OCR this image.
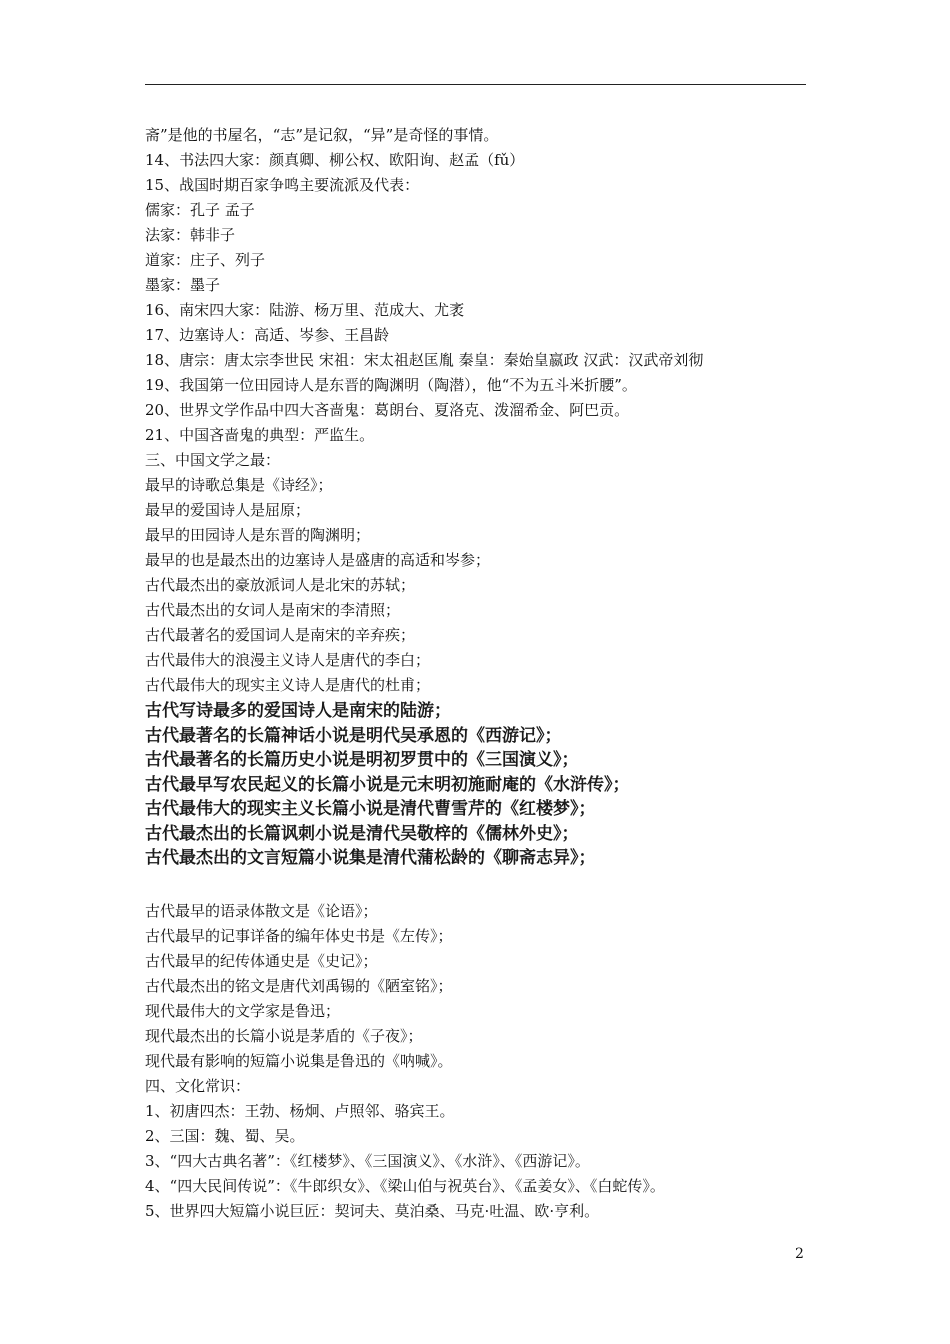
斋”是他的书屋名，“志”是记叙，“异”是奇怪的事情。
14、书法四大家：颜真卿、柳公权、欧阳询、赵孟（fǔ）
15、战国时期百家争鸣主要流派及代表：
儒家：孔子 孟子
法家：韩非子
道家：庄子、列子
墨家：墨子
16、南宋四大家：陆游、杨万里、范成大、尤袤
17、边塞诗人：高适、岑参、王昌龄
18、唐宗：唐太宗李世民 宋祖：宋太祖赵匡胤 秦皇：秦始皇嬴政 汉武：汉武帝刘彻
19、我国第一位田园诗人是东晋的陶渊明（陶潜），他“不为五斗米折腰”。
20、世界文学作品中四大吝啬鬼：葛朗台、夏洛克、泼溜希金、阿巴贡。
21、中国吝啬鬼的典型：严监生。
三、中国文学之最：
最早的诗歌总集是《诗经》；
最早的爱国诗人是屈原；
最早的田园诗人是东晋的陶渊明；
最早的也是最杰出的边塞诗人是盛唐的高适和岑参；
古代最杰出的豪放派词人是北宋的苏轼；
古代最杰出的女词人是南宋的李清照；
古代最著名的爱国词人是南宋的辛弃疾；
古代最伟大的浪漫主义诗人是唐代的李白；
古代最伟大的现实主义诗人是唐代的杜甫；
古代写诗最多的爱国诗人是南宋的陆游；
古代最著名的长篇神话小说是明代吴承恩的《西游记》；
古代最著名的长篇历史小说是明初罗贯中的《三国演义》；
古代最早写农民起义的长篇小说是元末明初施耐庵的《水浒传》；
古代最伟大的现实主义长篇小说是清代曹雪芹的《红楼梦》；
古代最杰出的长篇讽刺小说是清代吴敬梓的《儒林外史》；
古代最杰出的文言短篇小说集是清代蒲松龄的《聊斋志异》；
古代最早的语录体散文是《论语》；
古代最早的记事详备的编年体史书是《左传》；
古代最早的纪传体通史是《史记》；
古代最杰出的铭文是唐代刘禹锡的《陋室铭》；
现代最伟大的文学家是鲁迅；
现代最杰出的长篇小说是茅盾的《子夜》；
现代最有影响的短篇小说集是鲁迅的《呐喊》。
四、文化常识：
1、初唐四杰：王勃、杨炯、卢照邻、骆宾王。
2、三国：魏、蜀、吴。
3、“四大古典名著”：《红楼梦》、《三国演义》、《水浒》、《西游记》。
4、“四大民间传说”：《牛郎织女》、《梁山伯与祝英台》、《孟姜女》、《白蛇传》。
5、世界四大短篇小说巨匠：契诃夫、莫泊桑、马克·吐温、欧·亨利。
2
